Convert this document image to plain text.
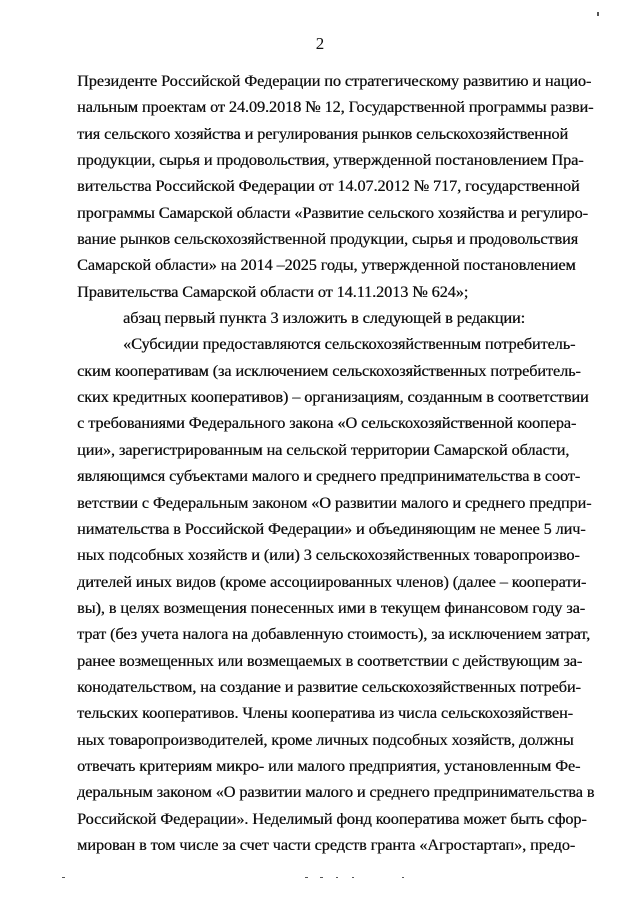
2
Президенте Российской Федерации по стратегическому развитию и нацио-
нальным проектам от 24.09.2018 № 12, Государственной программы разви-
тия сельского хозяйства и регулирования рынков сельскохозяйственной
продукции, сырья и продовольствия, утвержденной постановлением Пра-
вительства Российской Федерации от 14.07.2012 № 717, государственной
программы Самарской области «Развитие сельского хозяйства и регулиро-
вание рынков сельскохозяйственной продукции, сырья и продовольствия
Самарской области» на 2014 –2025 годы, утвержденной постановлением
Правительства Самарской области от 14.11.2013 № 624»;
абзац первый пункта 3 изложить в следующей в редакции:
«Субсидии предоставляются сельскохозяйственным потребитель-
ским кооперативам (за исключением сельскохозяйственных потребитель-
ских кредитных кооперативов) – организациям, созданным в соответствии
с требованиями Федерального закона «О сельскохозяйственной коопера-
ции», зарегистрированным на сельской территории Самарской области,
являющимся субъектами малого и среднего предпринимательства в соот-
ветствии с Федеральным законом «О развитии малого и среднего предпри-
нимательства в Российской Федерации» и объединяющим не менее 5 лич-
ных подсобных хозяйств и (или) 3 сельскохозяйственных товаропроизво-
дителей иных видов (кроме ассоциированных членов) (далее – кооперати-
вы), в целях возмещения понесенных ими в текущем финансовом году за-
трат (без учета налога на добавленную стоимость), за исключением затрат,
ранее возмещенных или возмещаемых в соответствии с действующим за-
конодательством, на создание и развитие сельскохозяйственных потреби-
тельских кооперативов. Члены кооператива из числа сельскохозяйствен-
ных товаропроизводителей, кроме личных подсобных хозяйств, должны
отвечать критериям микро- или малого предприятия, установленным Фе-
деральным законом «О развитии малого и среднего предпринимательства в
Российской Федерации». Неделимый фонд кооператива может быть сфор-
мирован в том числе за счет части средств гранта «Агростартап», предо-
